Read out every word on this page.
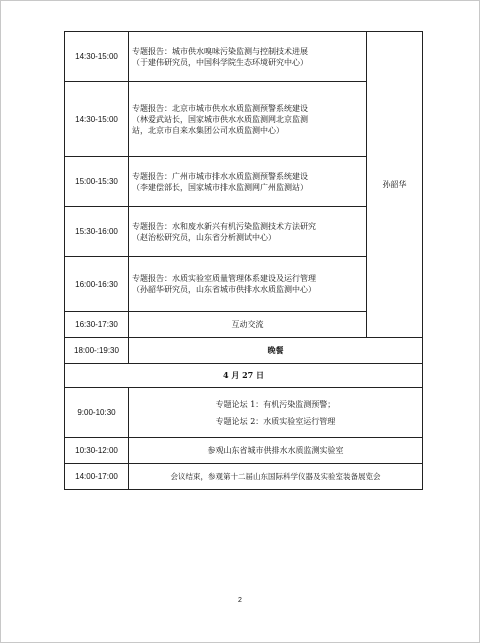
14:30-15:00	专题报告：城市供水嗅味污染监测与控制技术进展
（于建伟研究员，中国科学院生态环境研究中心）	孙韶华
14:30-15:00	专题报告：北京市城市供水水质监测预警系统建设
（林爱武站长，国家城市供水水质监测网北京监测
站，北京市自来水集团公司水质监测中心）	

15:00-15:30	专题报告：广州市城市排水水质监测预警系统建设
（李建偿部长，国家城市排水监测网广州监测站）	

15:30-16:00	专题报告：水和废水新兴有机污染监测技术方法研究
（赵治松研究员，山东省分析测试中心）	

16:00-16:30	专题报告：水质实验室质量管理体系建设及运行管理
（孙韶华研究员，山东省城市供排水水质监测中心）	

16:30-17:30	互动交流	
18:00-:19:30	晚餐	
4 月 27 日		
9:00-10:30	专题论坛 1：有机污染监测预警；
专题论坛 2：水质实验室运行管理	

10:30-12:00	参观山东省城市供排水水质监测实验室	
14:00-17:00	会议结束，参观第十二届山东国际科学仪器及实验室装备展览会	
2
